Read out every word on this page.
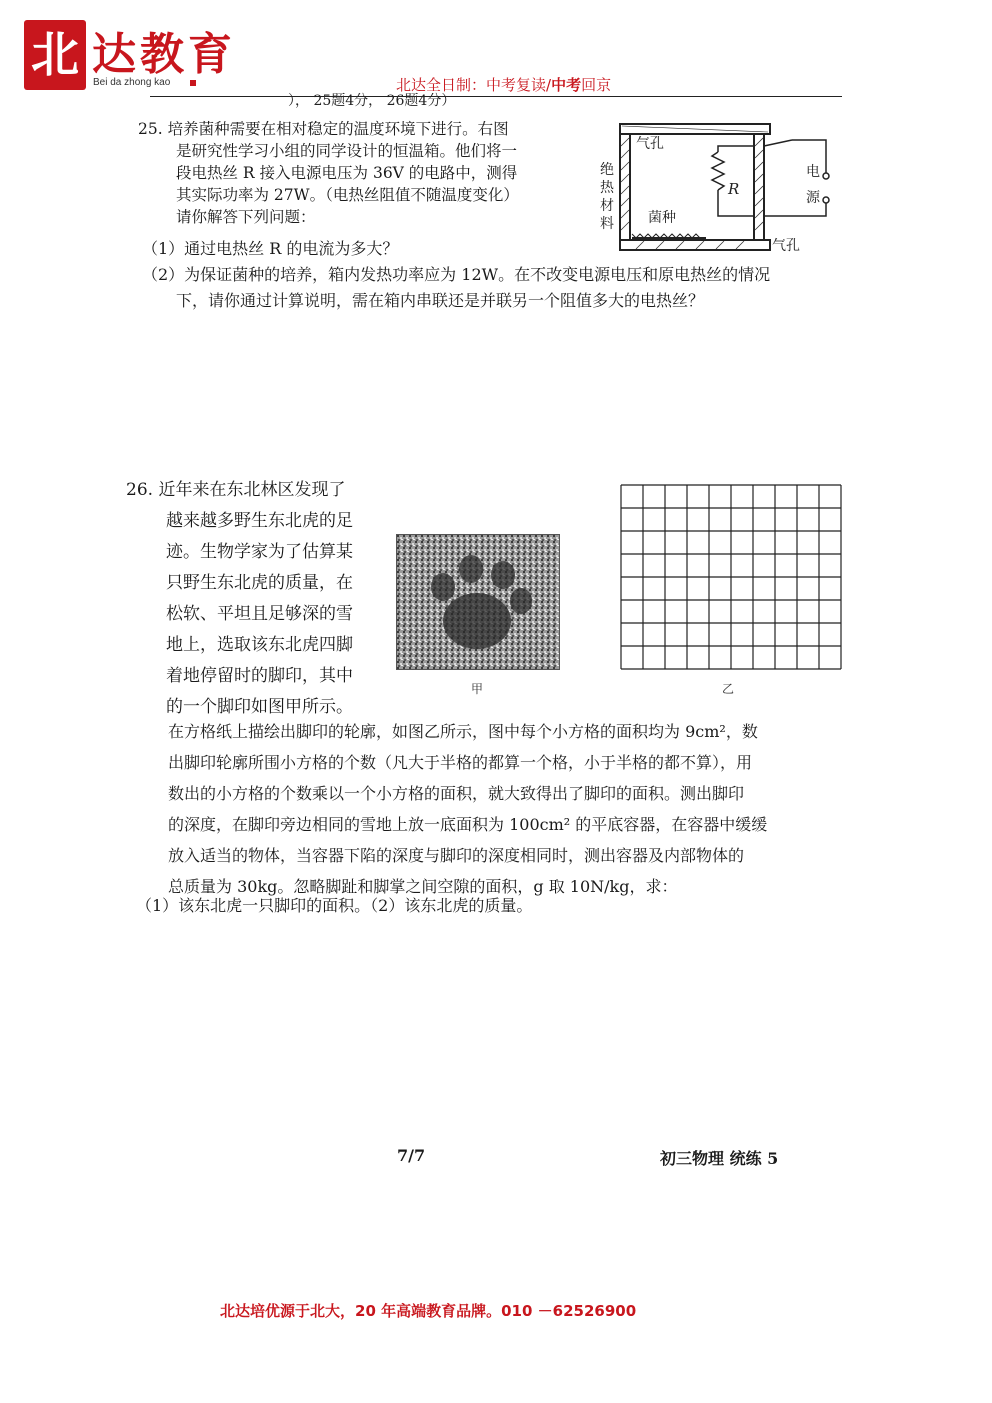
北 达教育
Bei da zhong kao	北达全日制：中考复读/中考回京
）， 25题4分， 26题4分）
25. 培养菌种需要在相对稳定的温度环境下进行。右图
是研究性学习小组的同学设计的恒温箱。他们将一
段电热丝 R 接入电源电压为 36V 的电路中，测得
其实际功率为 27W。（电热丝阻值不随温度变化）
请你解答下列问题：
（1）通过电热丝 R 的电流为多大？
（2）为保证菌种的培养，箱内发热功率应为 12W。在不改变电源电压和原电热丝的情况
下，请你通过计算说明，需在箱内串联还是并联另一个阻值多大的电热丝？
气孔
绝
热
材
料
R
菌种
电
源
气孔
26. 近年来在东北林区发现了
越来越多野生东北虎的足
迹。生物学家为了估算某
只野生东北虎的质量，在
松软、平坦且足够深的雪
地上，选取该东北虎四脚
着地停留时的脚印，其中
的一个脚印如图甲所示。
甲	乙
在方格纸上描绘出脚印的轮廓，如图乙所示，图中每个小方格的面积均为 9cm²，数
出脚印轮廓所围小方格的个数（凡大于半格的都算一个格，小于半格的都不算），用
数出的小方格的个数乘以一个小方格的面积，就大致得出了脚印的面积。测出脚印
的深度，在脚印旁边相同的雪地上放一底面积为 100cm² 的平底容器，在容器中缓缓
放入适当的物体，当容器下陷的深度与脚印的深度相同时，测出容器及内部物体的
总质量为 30kg。忽略脚趾和脚掌之间空隙的面积，g 取 10N/kg，求：
（1）该东北虎一只脚印的面积。（2）该东北虎的质量。
7/7	初三物理 统练 5
北达培优源于北大，20 年高端教育品牌。010 －62526900
